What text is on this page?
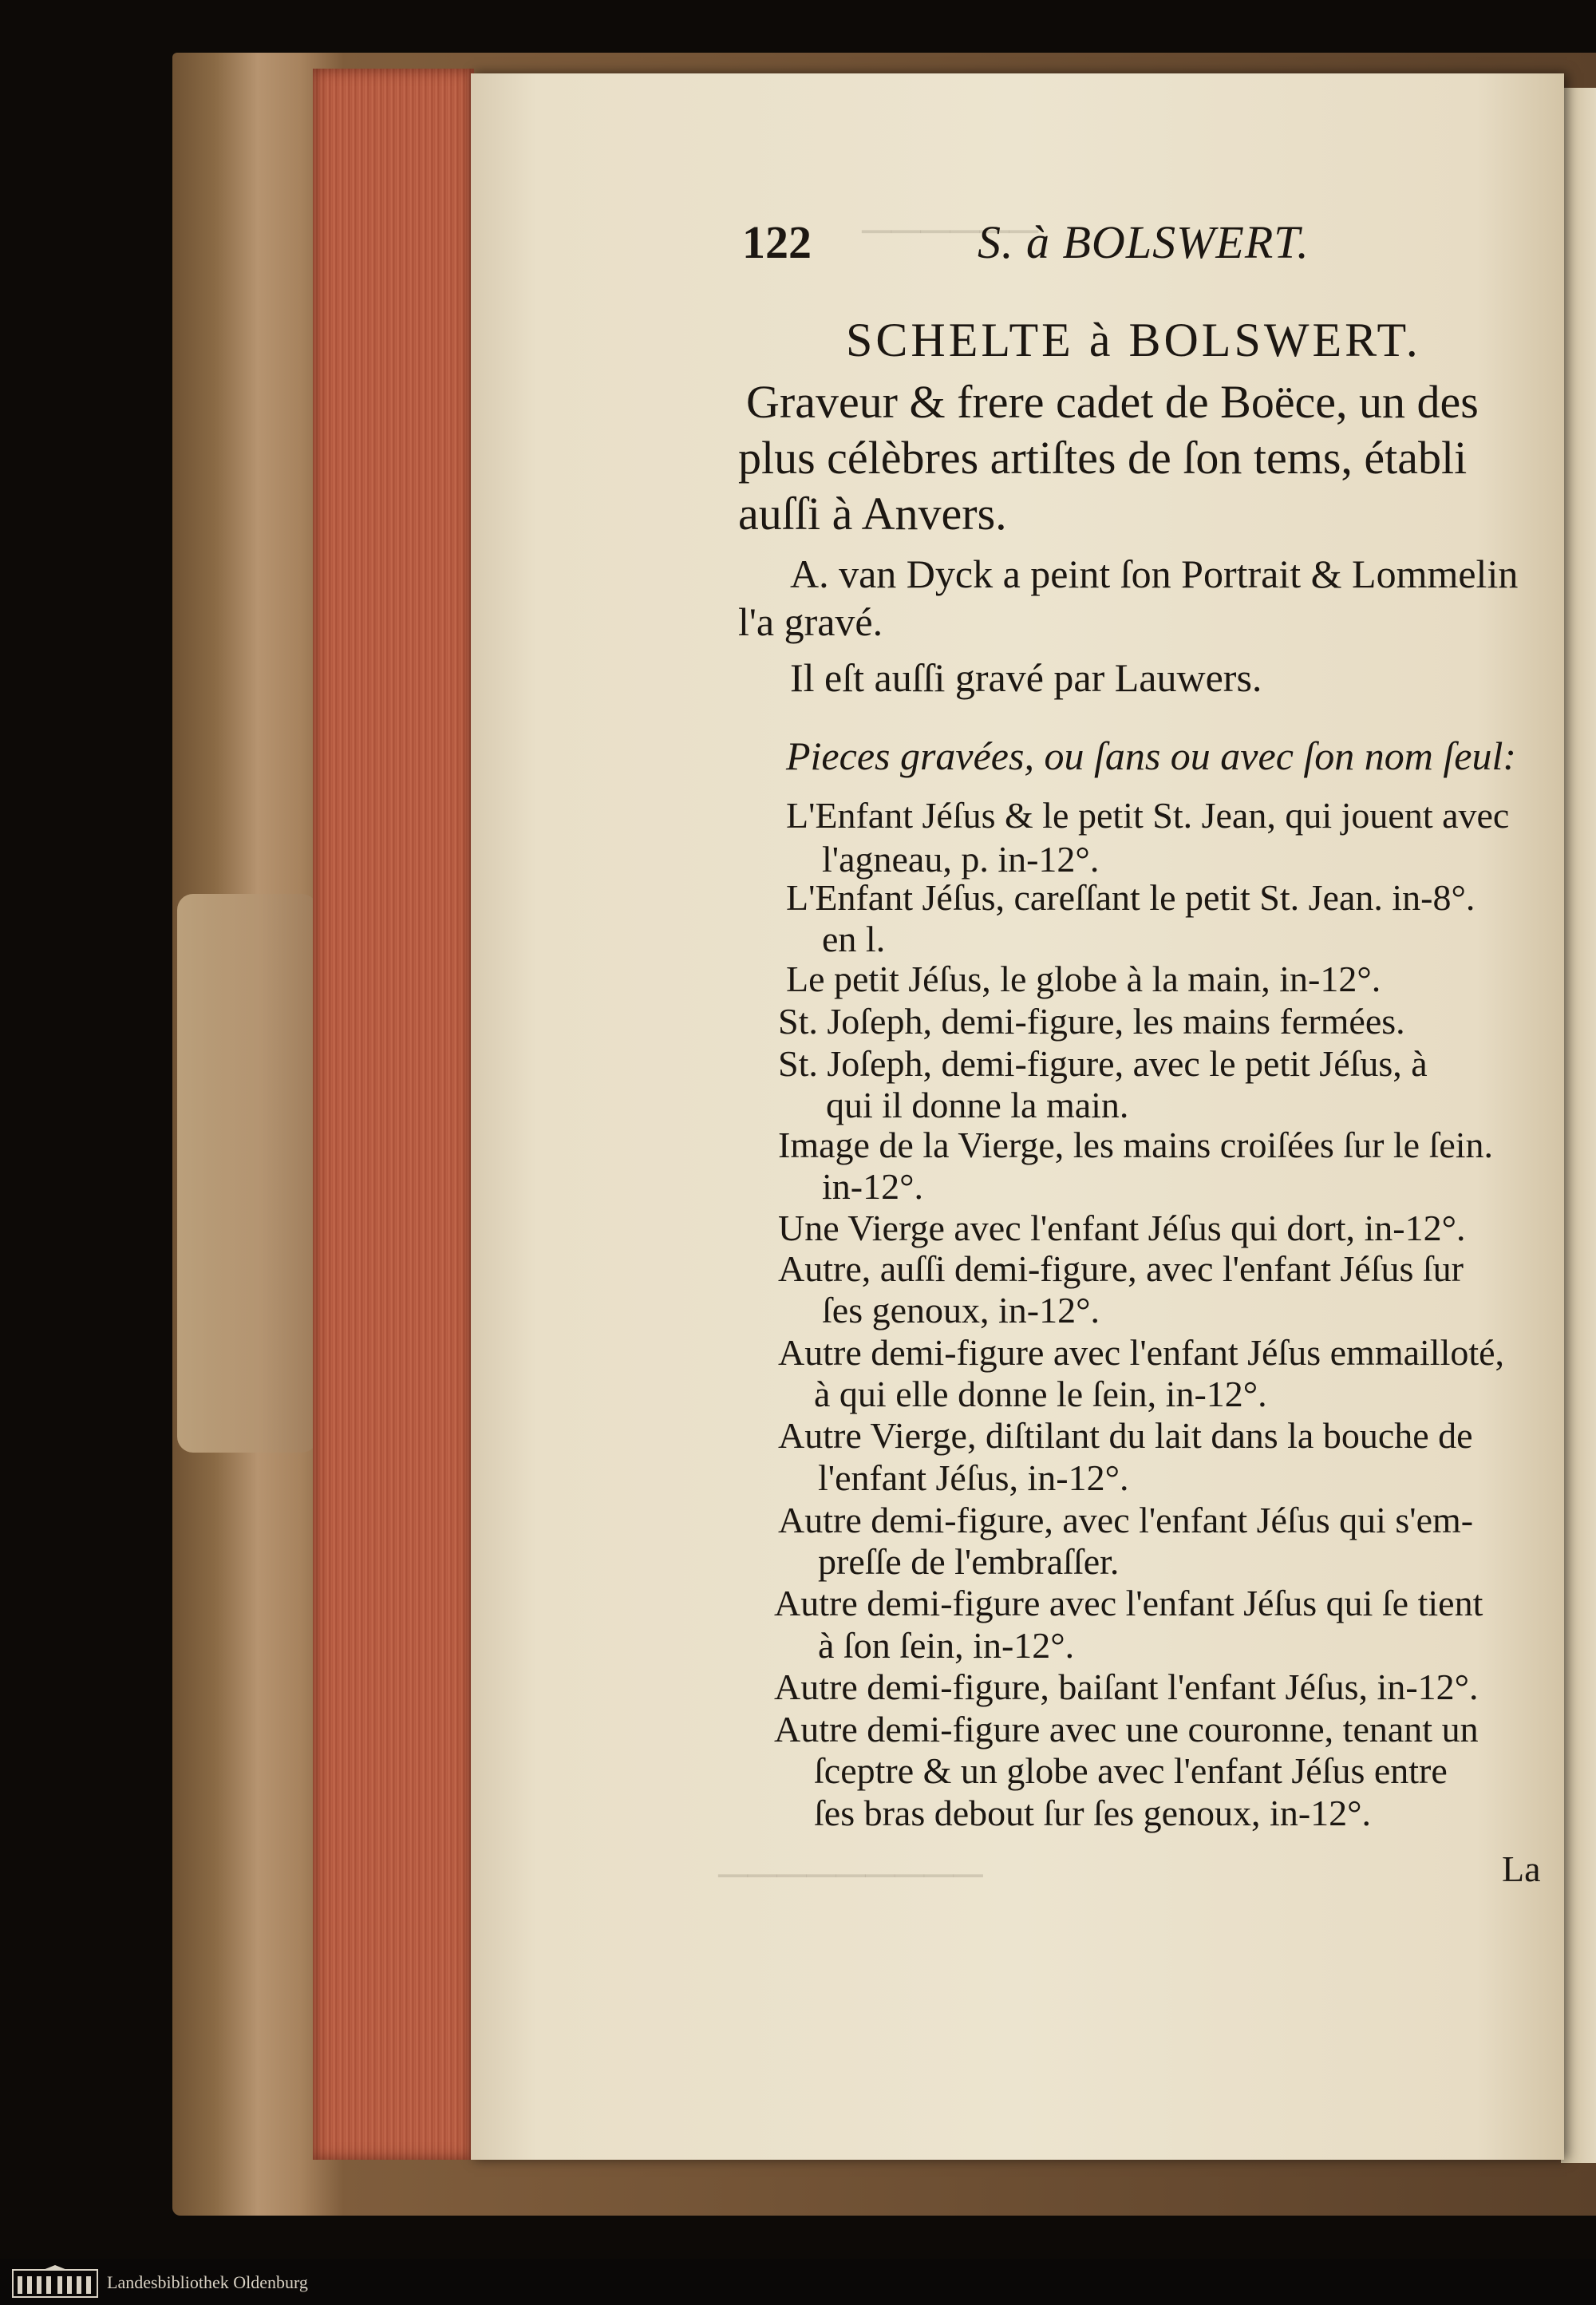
──────
─────────
122	S. à BOLSWERT.
SCHELTE à BOLSWERT.
Graveur & frere cadet de Boëce, un des
plus célèbres artiſtes de ſon tems, établi
auſſi à Anvers.
A. van Dyck a peint ſon Portrait & Lommelin
l'a gravé.
Il eſt auſſi gravé par Lauwers.
Pieces gravées, ou ſans ou avec ſon nom ſeul:
L'Enfant Jéſus & le petit St. Jean, qui jouent avec
l'agneau, p. in-12°.
L'Enfant Jéſus, careſſant le petit St. Jean. in-8°.
en l.
Le petit Jéſus, le globe à la main, in-12°.
St. Joſeph, demi-figure, les mains fermées.
St. Joſeph, demi-figure, avec le petit Jéſus, à
qui il donne la main.
Image de la Vierge, les mains croiſées ſur le ſein.
in-12°.
Une Vierge avec l'enfant Jéſus qui dort, in-12°.
Autre, auſſi demi-figure, avec l'enfant Jéſus ſur
ſes genoux, in-12°.
Autre demi-figure avec l'enfant Jéſus emmailloté,
à qui elle donne le ſein, in-12°.
Autre Vierge, diſtilant du lait dans la bouche de
l'enfant Jéſus, in-12°.
Autre demi-figure, avec l'enfant Jéſus qui s'em-
preſſe de l'embraſſer.
Autre demi-figure avec l'enfant Jéſus qui ſe tient
à ſon ſein, in-12°.
Autre demi-figure, baiſant l'enfant Jéſus, in-12°.
Autre demi-figure avec une couronne, tenant un
ſceptre & un globe avec l'enfant Jéſus entre
ſes bras debout ſur ſes genoux, in-12°.
La
Landesbibliothek Oldenburg
